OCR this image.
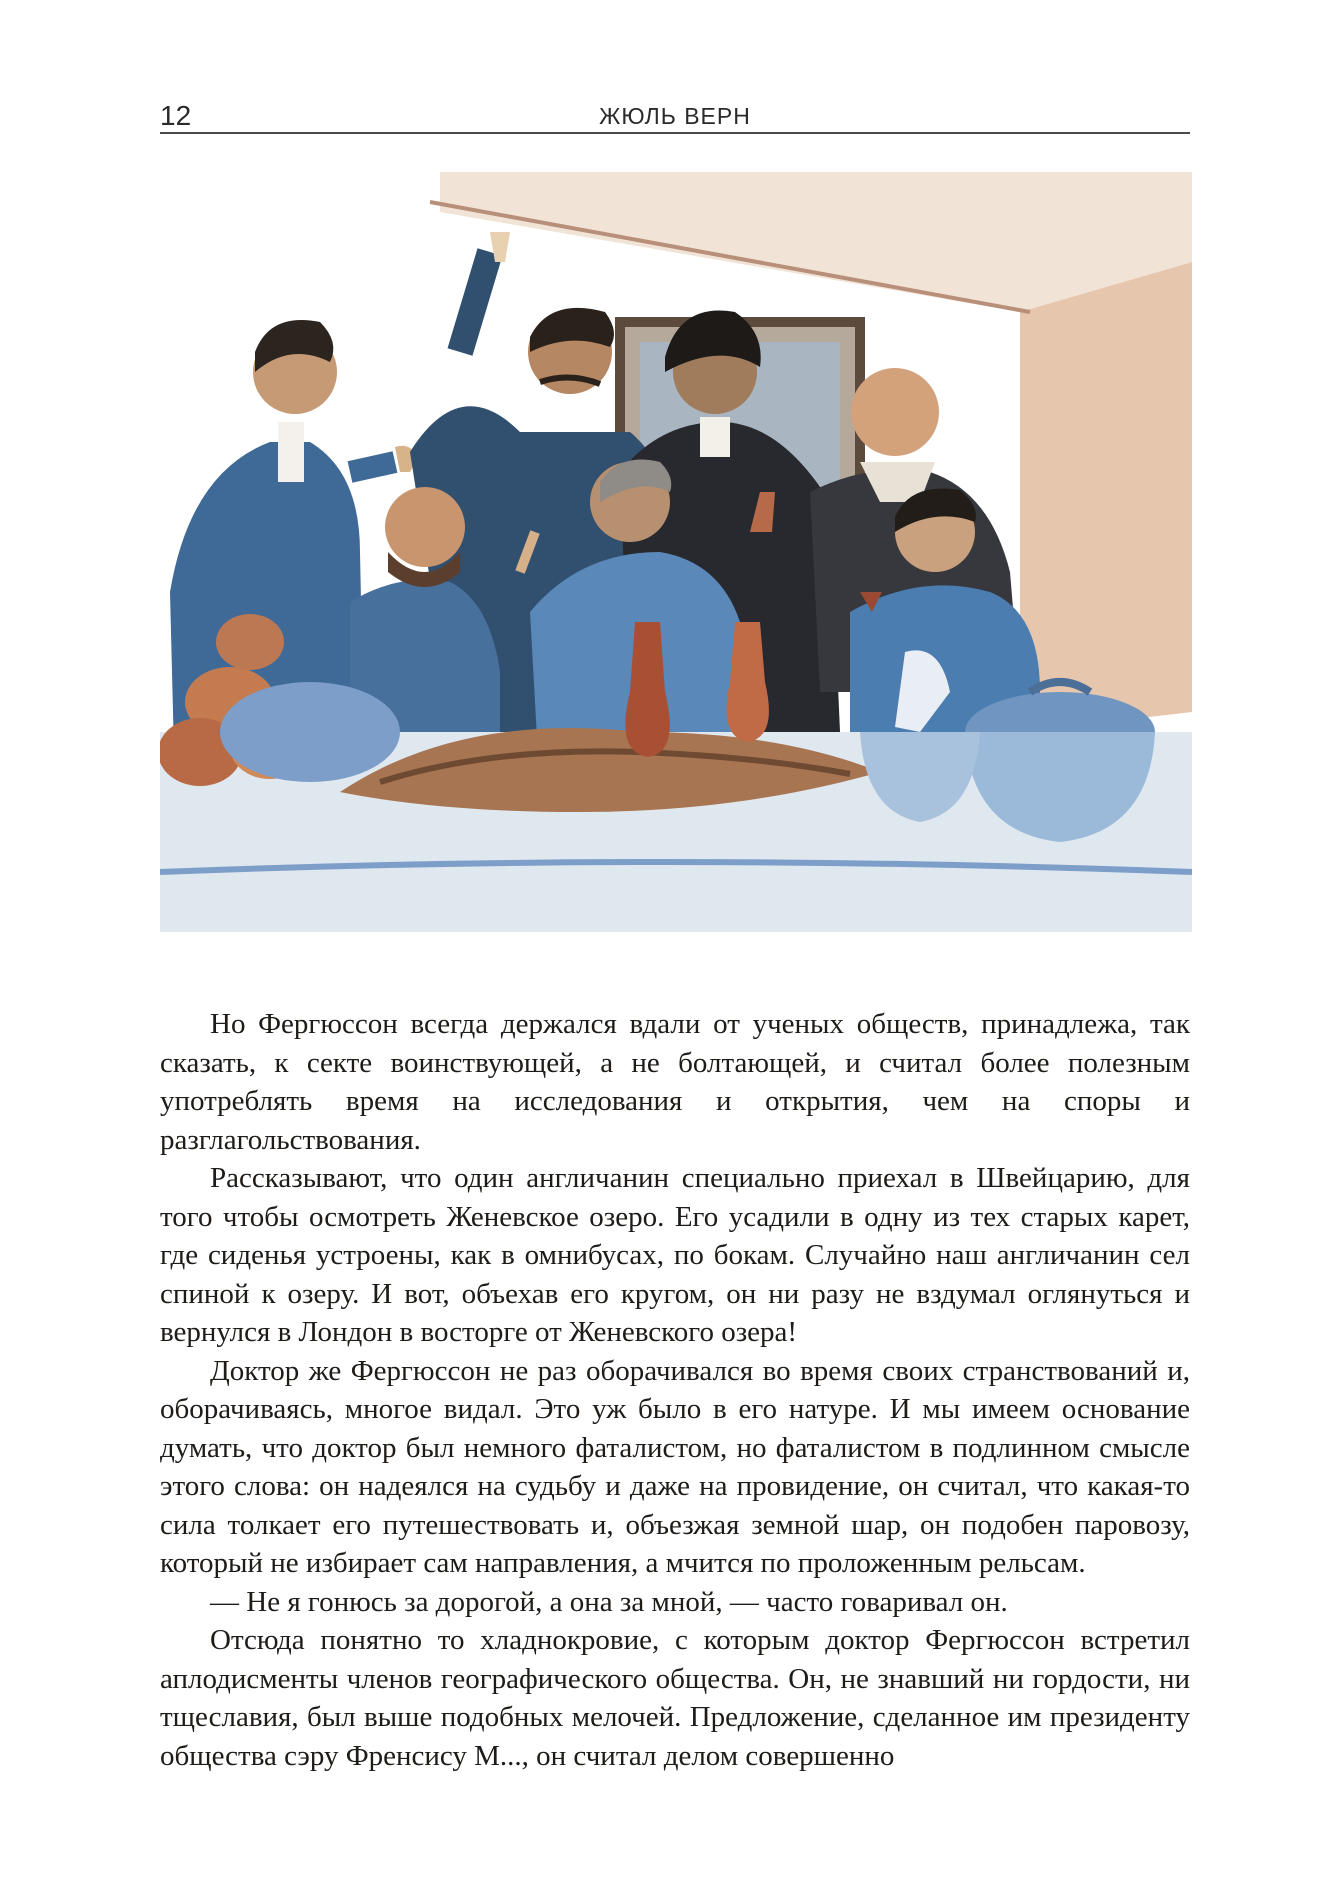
12	ЖЮЛЬ ВЕРН

Но Фергюссон всегда держался вдали от ученых обществ, принадлежа, так сказать, к секте воинствующей, а не болтающей, и считал более полезным употреблять время на исследования и открытия, чем на споры и разглагольствования.

Рассказывают, что один англичанин специально приехал в Швейцарию, для того чтобы осмотреть Женевское озеро. Его усадили в одну из тех старых карет, где сиденья устроены, как в омнибусах, по бокам. Случайно наш англичанин сел спиной к озеру. И вот, объехав его кругом, он ни разу не вздумал оглянуться и вернулся в Лондон в восторге от Женевского озера!

Доктор же Фергюссон не раз оборачивался во время своих странствований и, оборачиваясь, многое видал. Это уж было в его натуре. И мы имеем основание думать, что доктор был немного фаталистом, но фаталистом в подлинном смысле этого слова: он надеялся на судьбу и даже на провидение, он считал, что какая-то сила толкает его путешествовать и, объезжая земной шар, он подобен паровозу, который не избирает сам направления, а мчится по проложенным рельсам.

— Не я гонюсь за дорогой, а она за мной, — часто говаривал он.

Отсюда понятно то хладнокровие, с которым доктор Фергюссон встретил аплодисменты членов географического общества. Он, не знавший ни гордости, ни тщеславия, был выше подобных мелочей. Предложение, сделанное им президенту общества сэру Френсису М..., он считал делом совершенно
